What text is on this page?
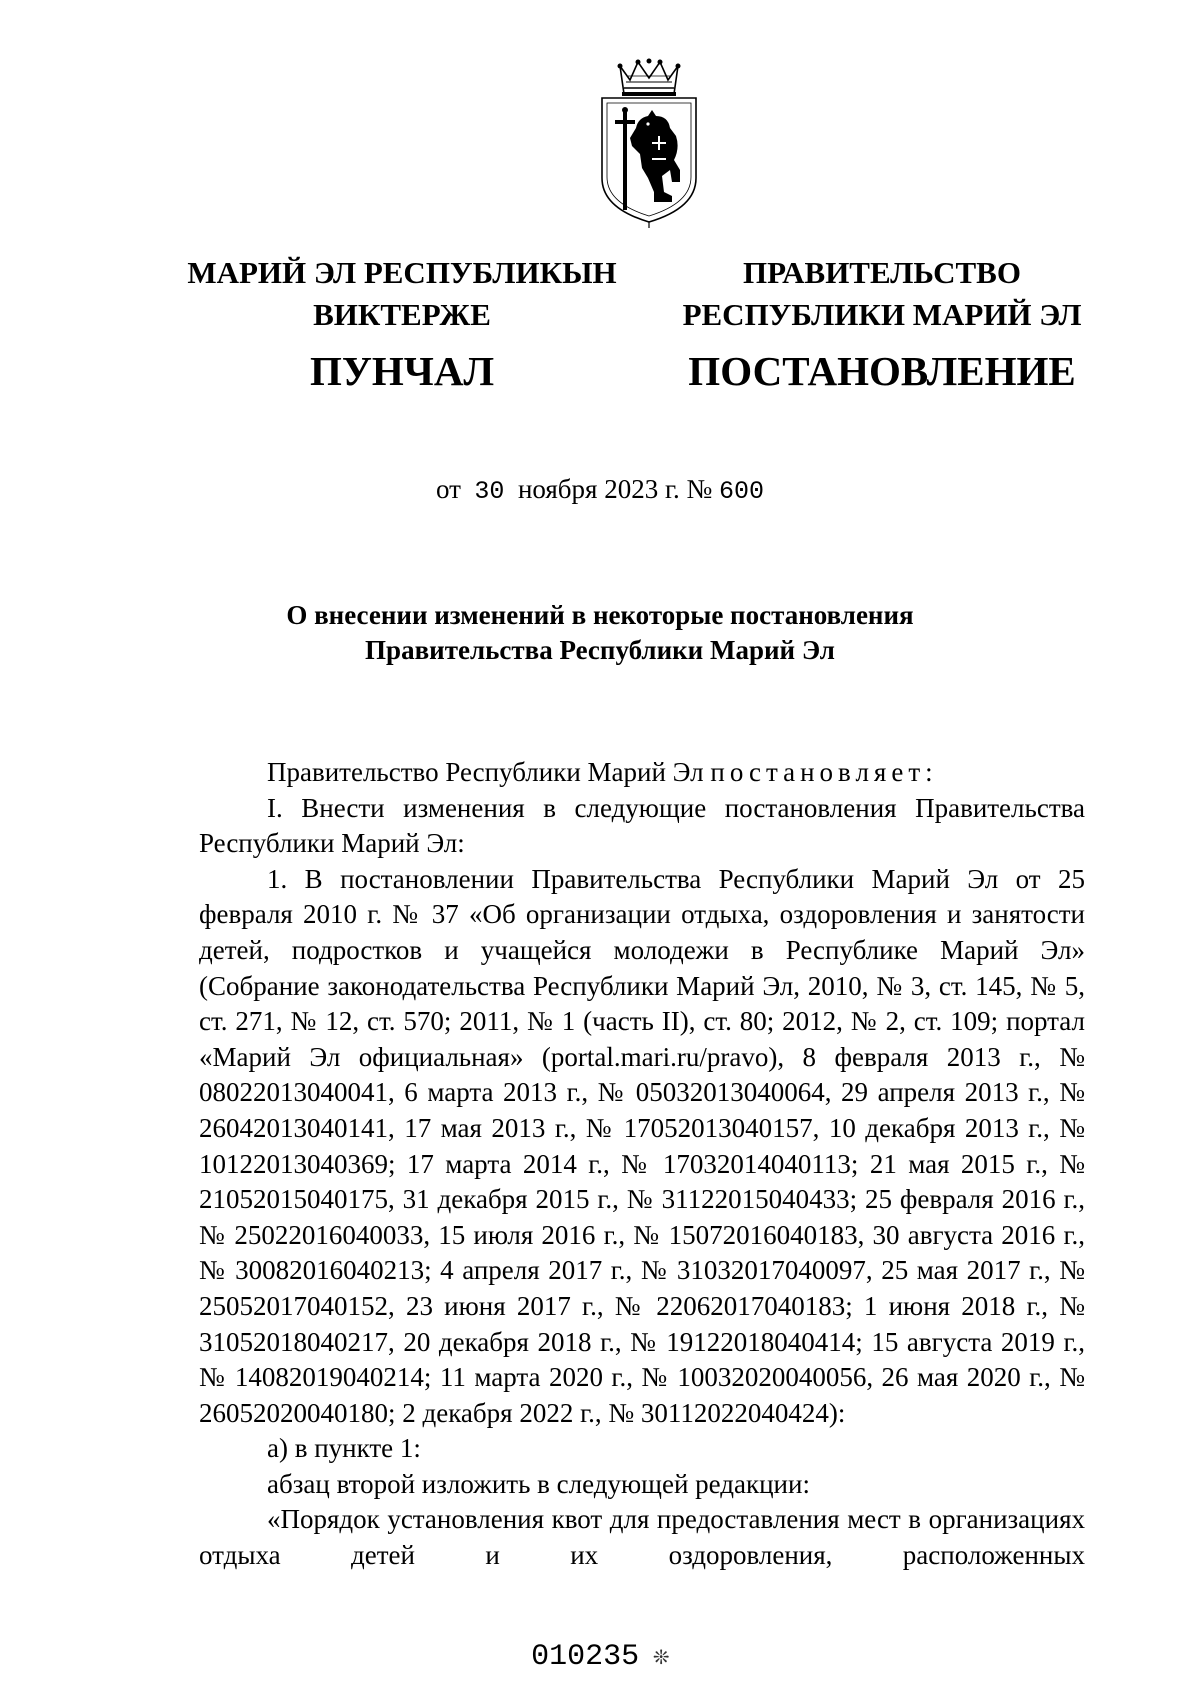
МАРИЙ ЭЛ РЕСПУБЛИКЫН
ВИКТЕРЖЕ
ПУНЧАЛ
ПРАВИТЕЛЬСТВО
РЕСПУБЛИКИ МАРИЙ ЭЛ
ПОСТАНОВЛЕНИЕ
от 30 ноября 2023 г. № 600
О внесении изменений в некоторые постановления
Правительства Республики Марий Эл

Правительство Республики Марий Эл постановляет:

I. Внести изменения в следующие постановления Правительства Республики Марий Эл:

1. В постановлении Правительства Республики Марий Эл от 25 февраля 2010 г. № 37 «Об организации отдыха, оздоровления и занятости детей, подростков и учащейся молодежи в Республике Марий Эл» (Собрание законодательства Республики Марий Эл, 2010, № 3, ст. 145, № 5, ст. 271, № 12, ст. 570; 2011, № 1 (часть II), ст. 80; 2012, № 2, ст. 109; портал «Марий Эл официальная» (portal.mari.ru/pravo), 8 февраля 2013 г., № 08022013040041, 6 марта 2013 г., № 05032013040064, 29 апреля 2013 г., № 26042013040141, 17 мая 2013 г., № 17052013040157, 10 декабря 2013 г., № 10122013040369; 17 марта 2014 г., № 17032014040113; 21 мая 2015 г., № 21052015040175, 31 декабря 2015 г., № 31122015040433; 25 февраля 2016 г., № 25022016040033, 15 июля 2016 г., № 15072016040183, 30 августа 2016 г., № 30082016040213; 4 апреля 2017 г., № 31032017040097, 25 мая 2017 г., № 25052017040152, 23 июня 2017 г., № 22062017040183; 1 июня 2018 г., № 31052018040217, 20 декабря 2018 г., № 19122018040414; 15 августа 2019 г., № 14082019040214; 11 марта 2020 г., № 10032020040056, 26 мая 2020 г., № 26052020040180; 2 декабря 2022 г., № 30112022040424):

а) в пункте 1:

абзац второй изложить в следующей редакции:

«Порядок установления квот для предоставления мест в организациях отдыха детей и их оздоровления, расположенных

010235 ❊
